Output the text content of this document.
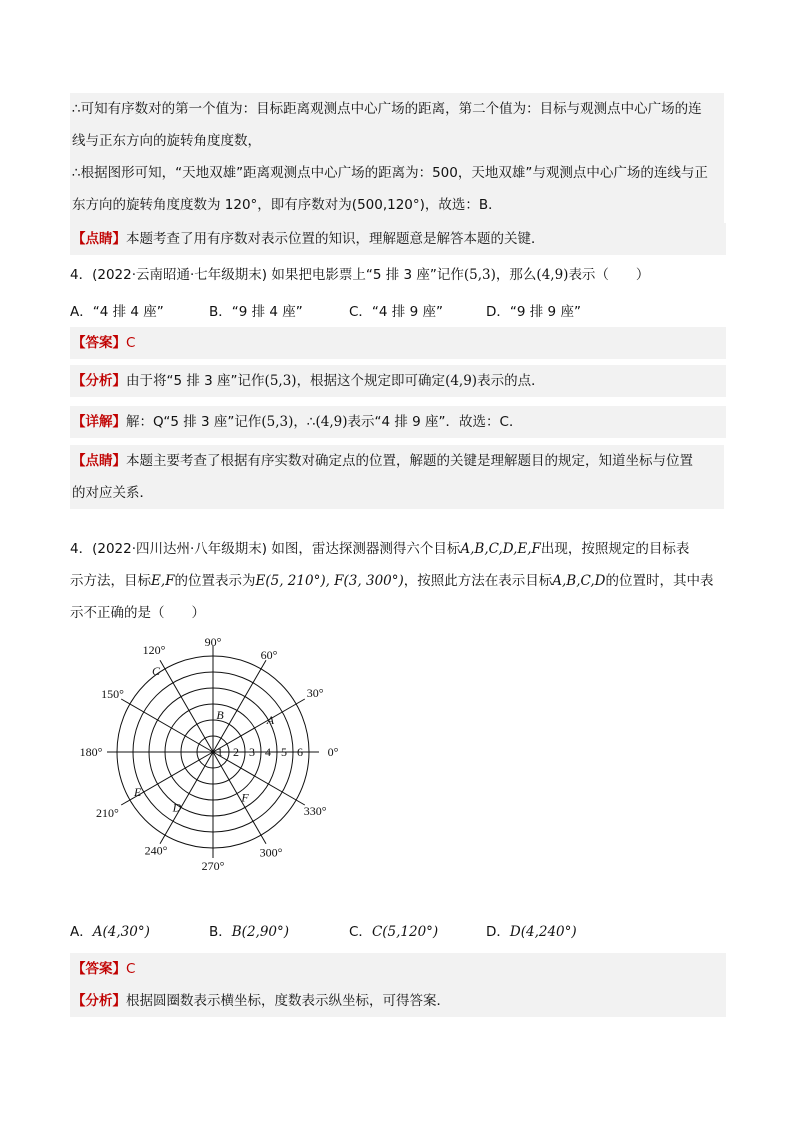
∴可知有序数对的第一个值为：目标距离观测点中心广场的距离，第二个值为：目标与观测点中心广场的连
线与正东方向的旋转角度度数，
∴根据图形可知，“天地双雄”距离观测点中心广场的距离为：500，天地双雄”与观测点中心广场的连线与正
东方向的旋转角度度数为 120°，即有序数对为(500,120°)，故选：B．
【点睛】本题考查了用有序数对表示位置的知识，理解题意是解答本题的关键．
4．(2022·云南昭通·七年级期末) 如果把电影票上“5 排 3 座”记作(5,3)，那么(4,9)表示（　　）
A．“4 排 4 座”	B．“9 排 4 座”	C．“4 排 9 座”	D．“9 排 9 座”
【答案】C
【分析】由于将“5 排 3 座”记作(5,3)，根据这个规定即可确定(4,9)表示的点．
【详解】解：Q“5 排 3 座”记作(5,3)，∴(4,9)表示“4 排 9 座”．故选：C．
【点睛】本题主要考查了根据有序实数对确定点的位置，解题的关键是理解题目的规定，知道坐标与位置
的对应关系．
4．(2022·四川达州·八年级期末) 如图，雷达探测器测得六个目标A,B,C,D,E,F出现，按照规定的目标表
示方法，目标E,F的位置表示为E(5, 210°), F(3, 300°)，按照此方法在表示目标A,B,C,D的位置时，其中表
示不正确的是（　　）
90°
60°
30°
0°
330°
300°
270°
240°
210°
180°
150°
120°
1 2 3 4 5 6
A
B
C
D
E	F
A．A(4,30°)	B．B(2,90°)	C．C(5,120°)	D．D(4,240°)
【答案】C
【分析】根据圆圈数表示横坐标，度数表示纵坐标，可得答案．
